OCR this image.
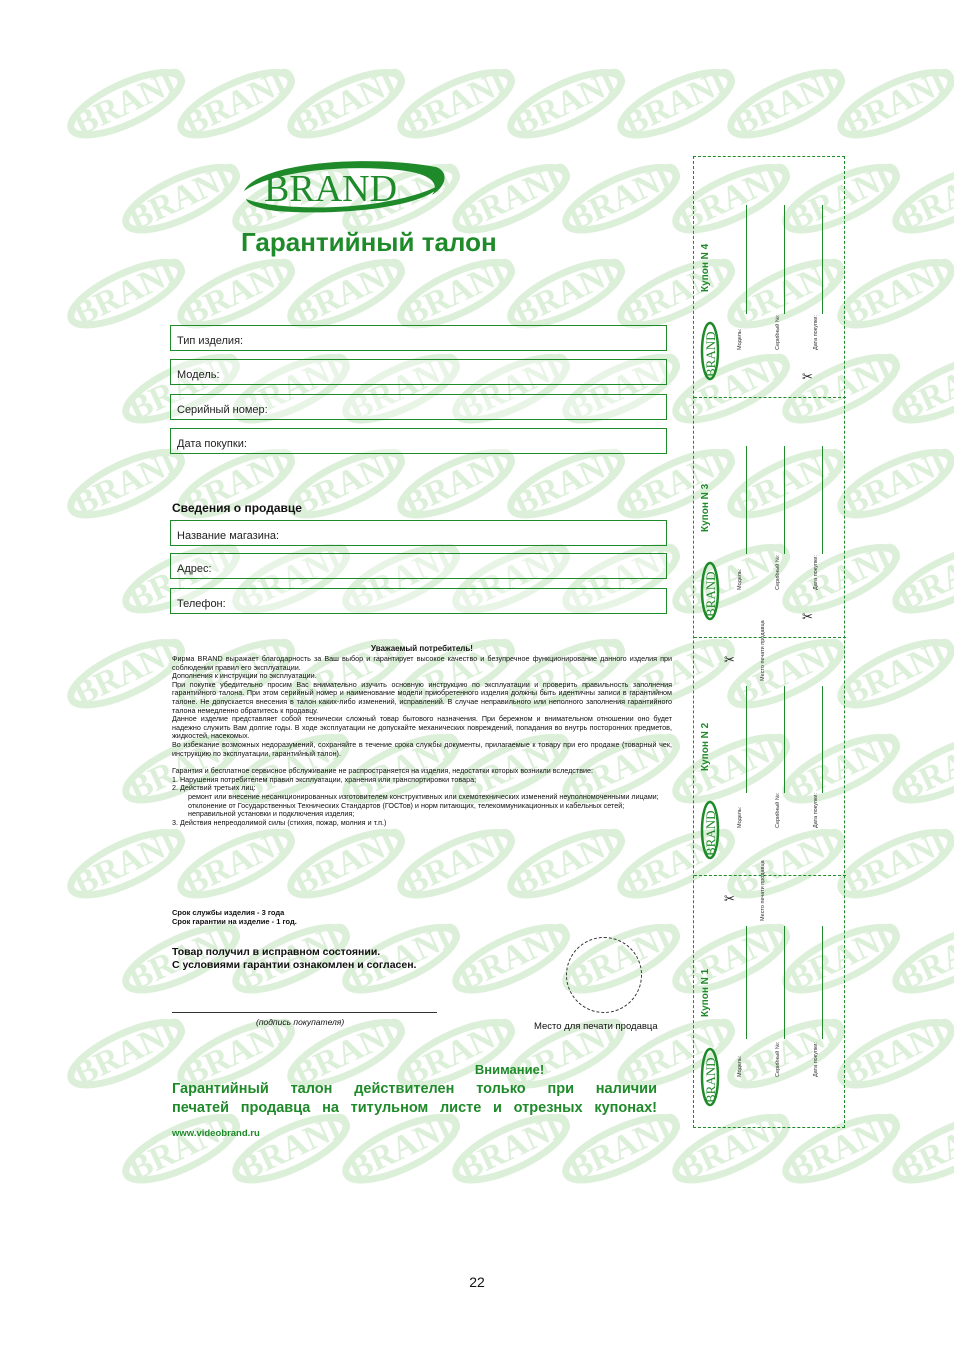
BRAND
Гарантийный талон
Тип изделия:
Модель:
Серийный номер:
Дата покупки:
Сведения о продавце
Название магазина:
Адрес:
Телефон:
Уважаемый потребитель!

Фирма BRAND выражает благодарность за Ваш выбор и гарантирует высокое качество и безупречное функционирование данного изделия при соблюдении правил его эксплуатации.

Дополнения к инструкции по эксплуатации.

При покупке убедительно просим Вас внимательно изучить основную инструкцию по эксплуатации и проверить правильность заполнения гарантийного талона. При этом серийный номер и наименование модели приобретенного изделия должны быть идентичны записи в гарантийном талоне. Не допускается внесения в талон каких-либо изменений, исправлений. В случае неправильного или неполного заполнения гарантийного талона немедленно обратитесь к продавцу.

Данное изделие представляет собой технически сложный товар бытового назначения. При бережном и внимательном отношении оно будет надежно служить Вам долгие годы. В ходе эксплуатации не допускайте механических повреждений, попадания во внутрь посторонних предметов, жидкостей, насекомых.

Во избежание возможных недоразумений, сохраняйте в течение срока службы документы, прилагаемые к товару при его продаже (товарный чек, инструкцию по эксплуатации, гарантийный талон).

Гарантия и бесплатное сервисное обслуживание не распространяется на изделия, недостатки которых возникли вследствие:

1. Нарушения потребителем правил эксплуатации, хранения или транспортировки товара;

2. Действий третьих лиц:

ремонт или внесение несанкционированных изготовителем конструктивных или схемотехнических изменений неуполномоченными лицами;

отклонение от Государственных Технических Стандартов (ГОСТов) и норм питающих, телекоммуникационных и кабельных сетей;

неправильной установки и подключения изделия;

3. Действия непреодолимой силы (стихия, пожар, молния и т.п.)

Срок службы изделия - 3 года
Срок гарантии на изделие - 1 год.
Товар получил в исправном состоянии.
С условиями гарантии ознакомлен и согласен.
(подпись покупателя)	Место для печати продавца
Внимание!
Гарантийный талон действителен только при наличии
печатей продавца на титульном листе и отрезных купонах!
www.videobrand.ru
Купон N 4
BRAND	Модель:	Серийный №:	Дата покупки:
✂
Купон N 3
BRAND	Модель:	Серийный №:	Дата покупки:
✂
Купон N 2
BRAND	Модель:	Серийный №:	Дата покупки:
Место печати продавца
✂
Купон N 1
BRAND	Модель:	Серийный №:	Дата покупки:
Место печати продавца
✂
22
